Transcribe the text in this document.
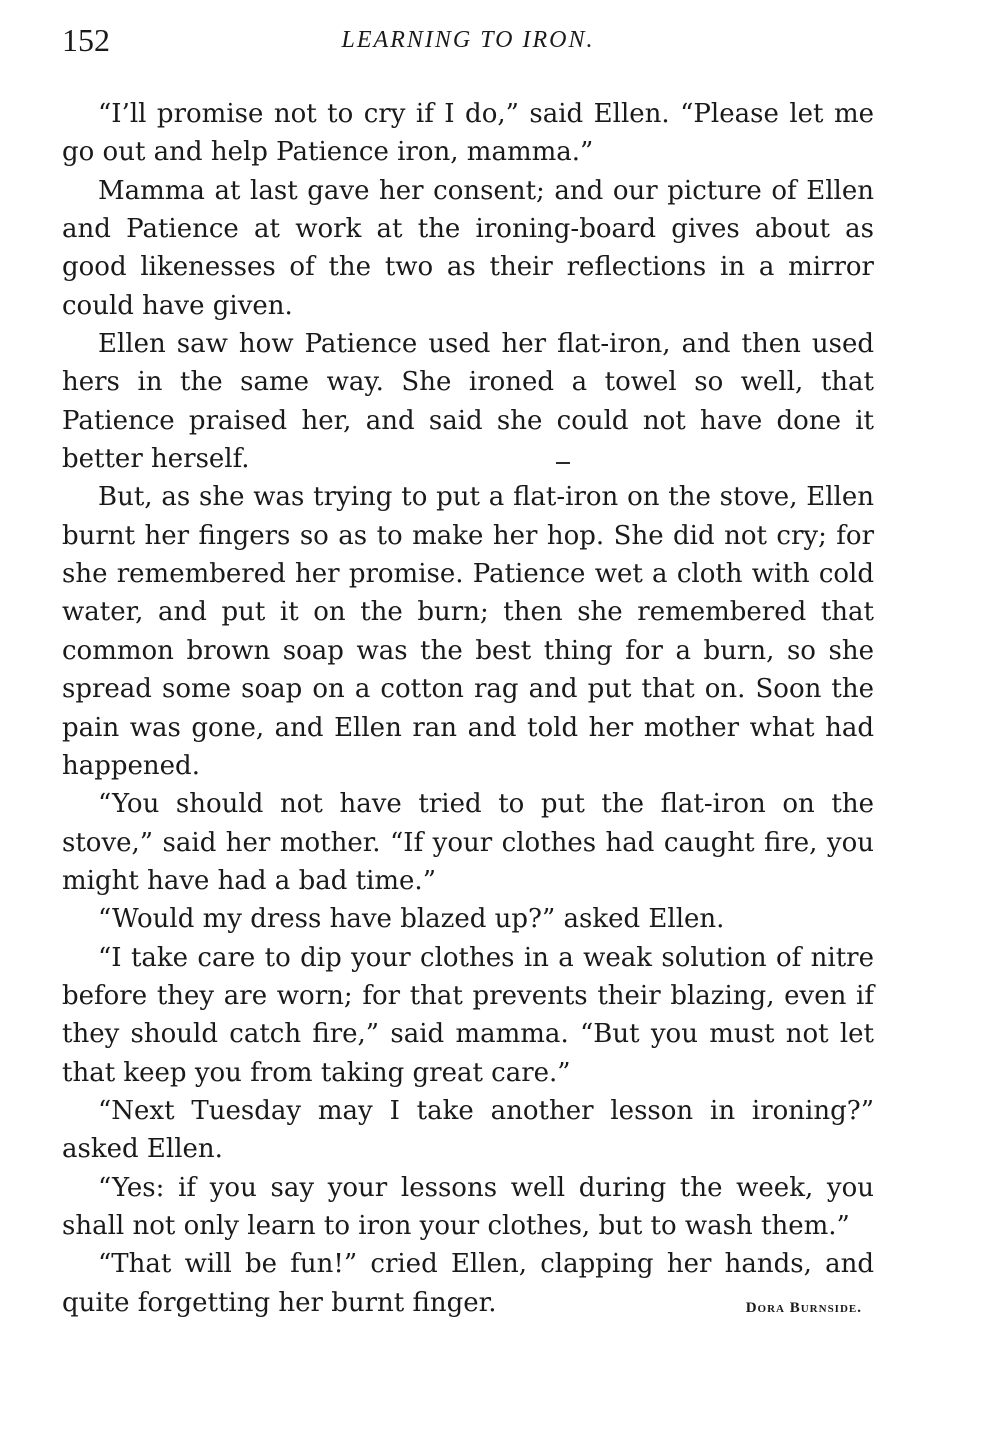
152	LEARNING TO IRON.

“I’ll promise not to cry if I do,” said Ellen. “Please let me go out and help Patience iron, mamma.”

Mamma at last gave her consent; and our picture of Ellen and Patience at work at the ironing-board gives about as good likenesses of the two as their reflections in a mirror could have given.

Ellen saw how Patience used her flat-iron, and then used hers in the same way. She ironed a towel so well, that Patience praised her, and said she could not have done it better herself.

But, as she was trying to put a flat-iron on the stove, Ellen burnt her fingers so as to make her hop. She did not cry; for she remembered her promise. Patience wet a cloth with cold water, and put it on the burn; then she remembered that common brown soap was the best thing for a burn, so she spread some soap on a cotton rag and put that on. Soon the pain was gone, and Ellen ran and told her mother what had happened.

“You should not have tried to put the flat-iron on the stove,” said her mother. “If your clothes had caught fire, you might have had a bad time.”

“Would my dress have blazed up?” asked Ellen.

“I take care to dip your clothes in a weak solution of nitre before they are worn; for that prevents their blazing, even if they should catch fire,” said mamma. “But you must not let that keep you from taking great care.”

“Next Tuesday may I take another lesson in ironing?” asked Ellen.

“Yes: if you say your lessons well during the week, you shall not only learn to iron your clothes, but to wash them.”

“That will be fun!” cried Ellen, clapping her hands, and quite forgetting her burnt finger.	Dora Burnside.
